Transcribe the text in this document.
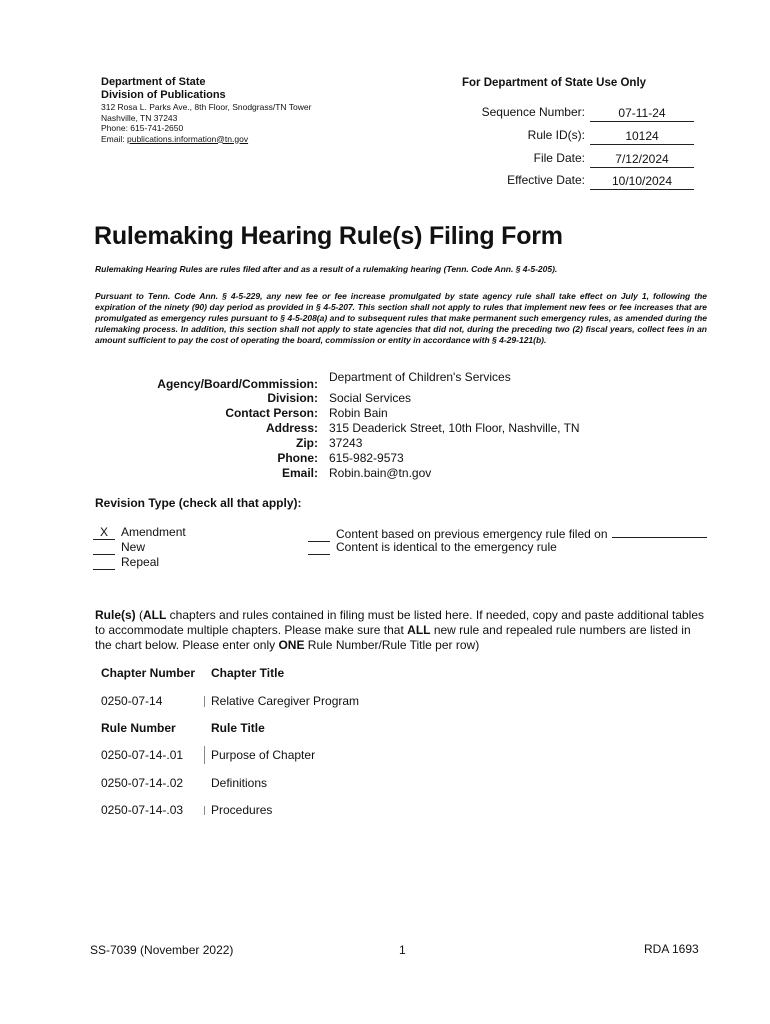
Department of State
Division of Publications
312 Rosa L. Parks Ave., 8th Floor, Snodgrass/TN Tower
Nashville, TN 37243
Phone: 615-741-2650
Email: publications.information@tn.gov
For Department of State Use Only
Sequence Number:	07-11-24
Rule ID(s):	10124
File Date:	7/12/2024
Effective Date:	10/10/2024
Rulemaking Hearing Rule(s) Filing Form
Rulemaking Hearing Rules are rules filed after and as a result of a rulemaking hearing (Tenn. Code Ann. § 4-5-205).
Pursuant to Tenn. Code Ann. § 4-5-229, any new fee or fee increase promulgated by state agency rule shall take effect on July 1, following the expiration of the ninety (90) day period as provided in § 4-5-207. This section shall not apply to rules that implement new fees or fee increases that are promulgated as emergency rules pursuant to § 4-5-208(a) and to subsequent rules that make permanent such emergency rules, as amended during the rulemaking process. In addition, this section shall not apply to state agencies that did not, during the preceding two (2) fiscal years, collect fees in an amount sufficient to pay the cost of operating the board, commission or entity in accordance with § 4-29-121(b).
Agency/Board/Commission: Department of Children's Services
Division: Social Services
Contact Person: Robin Bain
Address: 315 Deaderick Street, 10th Floor, Nashville, TN
Zip: 37243
Phone: 615-982-9573
Email: Robin.bain@tn.gov
Revision Type (check all that apply):
X Amendment
New
Repeal
Content based on previous emergency rule filed on
Content is identical to the emergency rule
Rule(s) (ALL chapters and rules contained in filing must be listed here. If needed, copy and paste additional tables to accommodate multiple chapters. Please make sure that ALL new rule and repealed rule numbers are listed in the chart below. Please enter only ONE Rule Number/Rule Title per row)
Chapter Number Chapter Title
0250-07-14	Relative Caregiver Program
Rule Number	Rule Title
0250-07-14-.01 Purpose of Chapter
0250-07-14-.02 Definitions
0250-07-14-.03 Procedures
SS-7039 (November 2022)	1	RDA 1693
